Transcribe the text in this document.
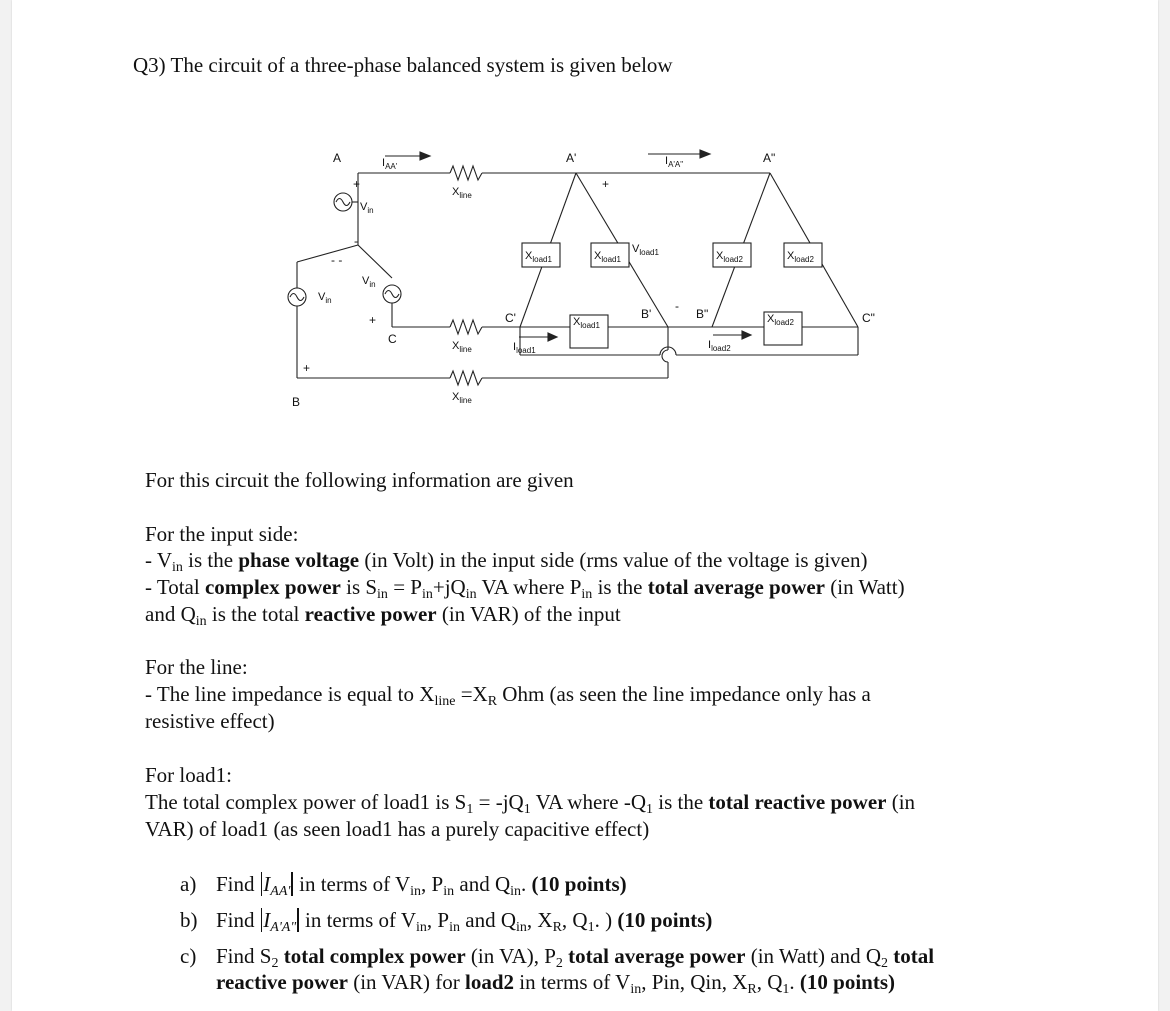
Q3) The circuit of a three-phase balanced system is given below
A
B
C
A'
B'
C'
A"
B"	C"
+	+
+
+
-
- -
-
$I_{AA'}$	$I_{A'A"}$
$I_{load1}$	$I_{load2}$
$V_{in}$
$V_{in}$
$V_{in}$
$V_{load1}$
$X_{line}$
$X_{line}$
$X_{line}$
$X_{load1}$	$X_{load1}$
$X_{load1}$
$X_{load2}$	$X_{load2}$
$X_{load2}$
For this circuit the following information are given
For the input side:
- $V_{in}$ is the phase voltage (in Volt) in the input side (rms value of the voltage is given)
- Total complex power is $S_{in} = P_{in}+jQ_{in}$ VA where $P_{in}$ is the total average power (in Watt)
and $Q_{in}$ is the total reactive power (in VAR) of the input
For the line:
- The line impedance is equal to $X_{line} =X_R$ Ohm (as seen the line impedance only has a
resistive effect)
For load1:
The total complex power of load1 is $S_1 = -jQ_1$ VA where $-Q_1$ is the total reactive power (in
VAR) of load1 (as seen load1 has a purely capacitive effect)
a) Find $I_{AA'}$ in terms of $V_{in}$, $P_{in}$ and $Q_{in}$. (10 points)
b) Find $I_{A'A"}$ in terms of $V_{in}$, $P_{in}$ and $Q_{in}$, $X_R$, $Q_1$. ) (10 points)
c) Find $S_2$ total complex power (in VA), $P_2$ total average power (in Watt) and $Q_2$ total
reactive power (in VAR) for load2 in terms of $V_{in}$, Pin, Qin, $X_R$, $Q_1$. (10 points)
